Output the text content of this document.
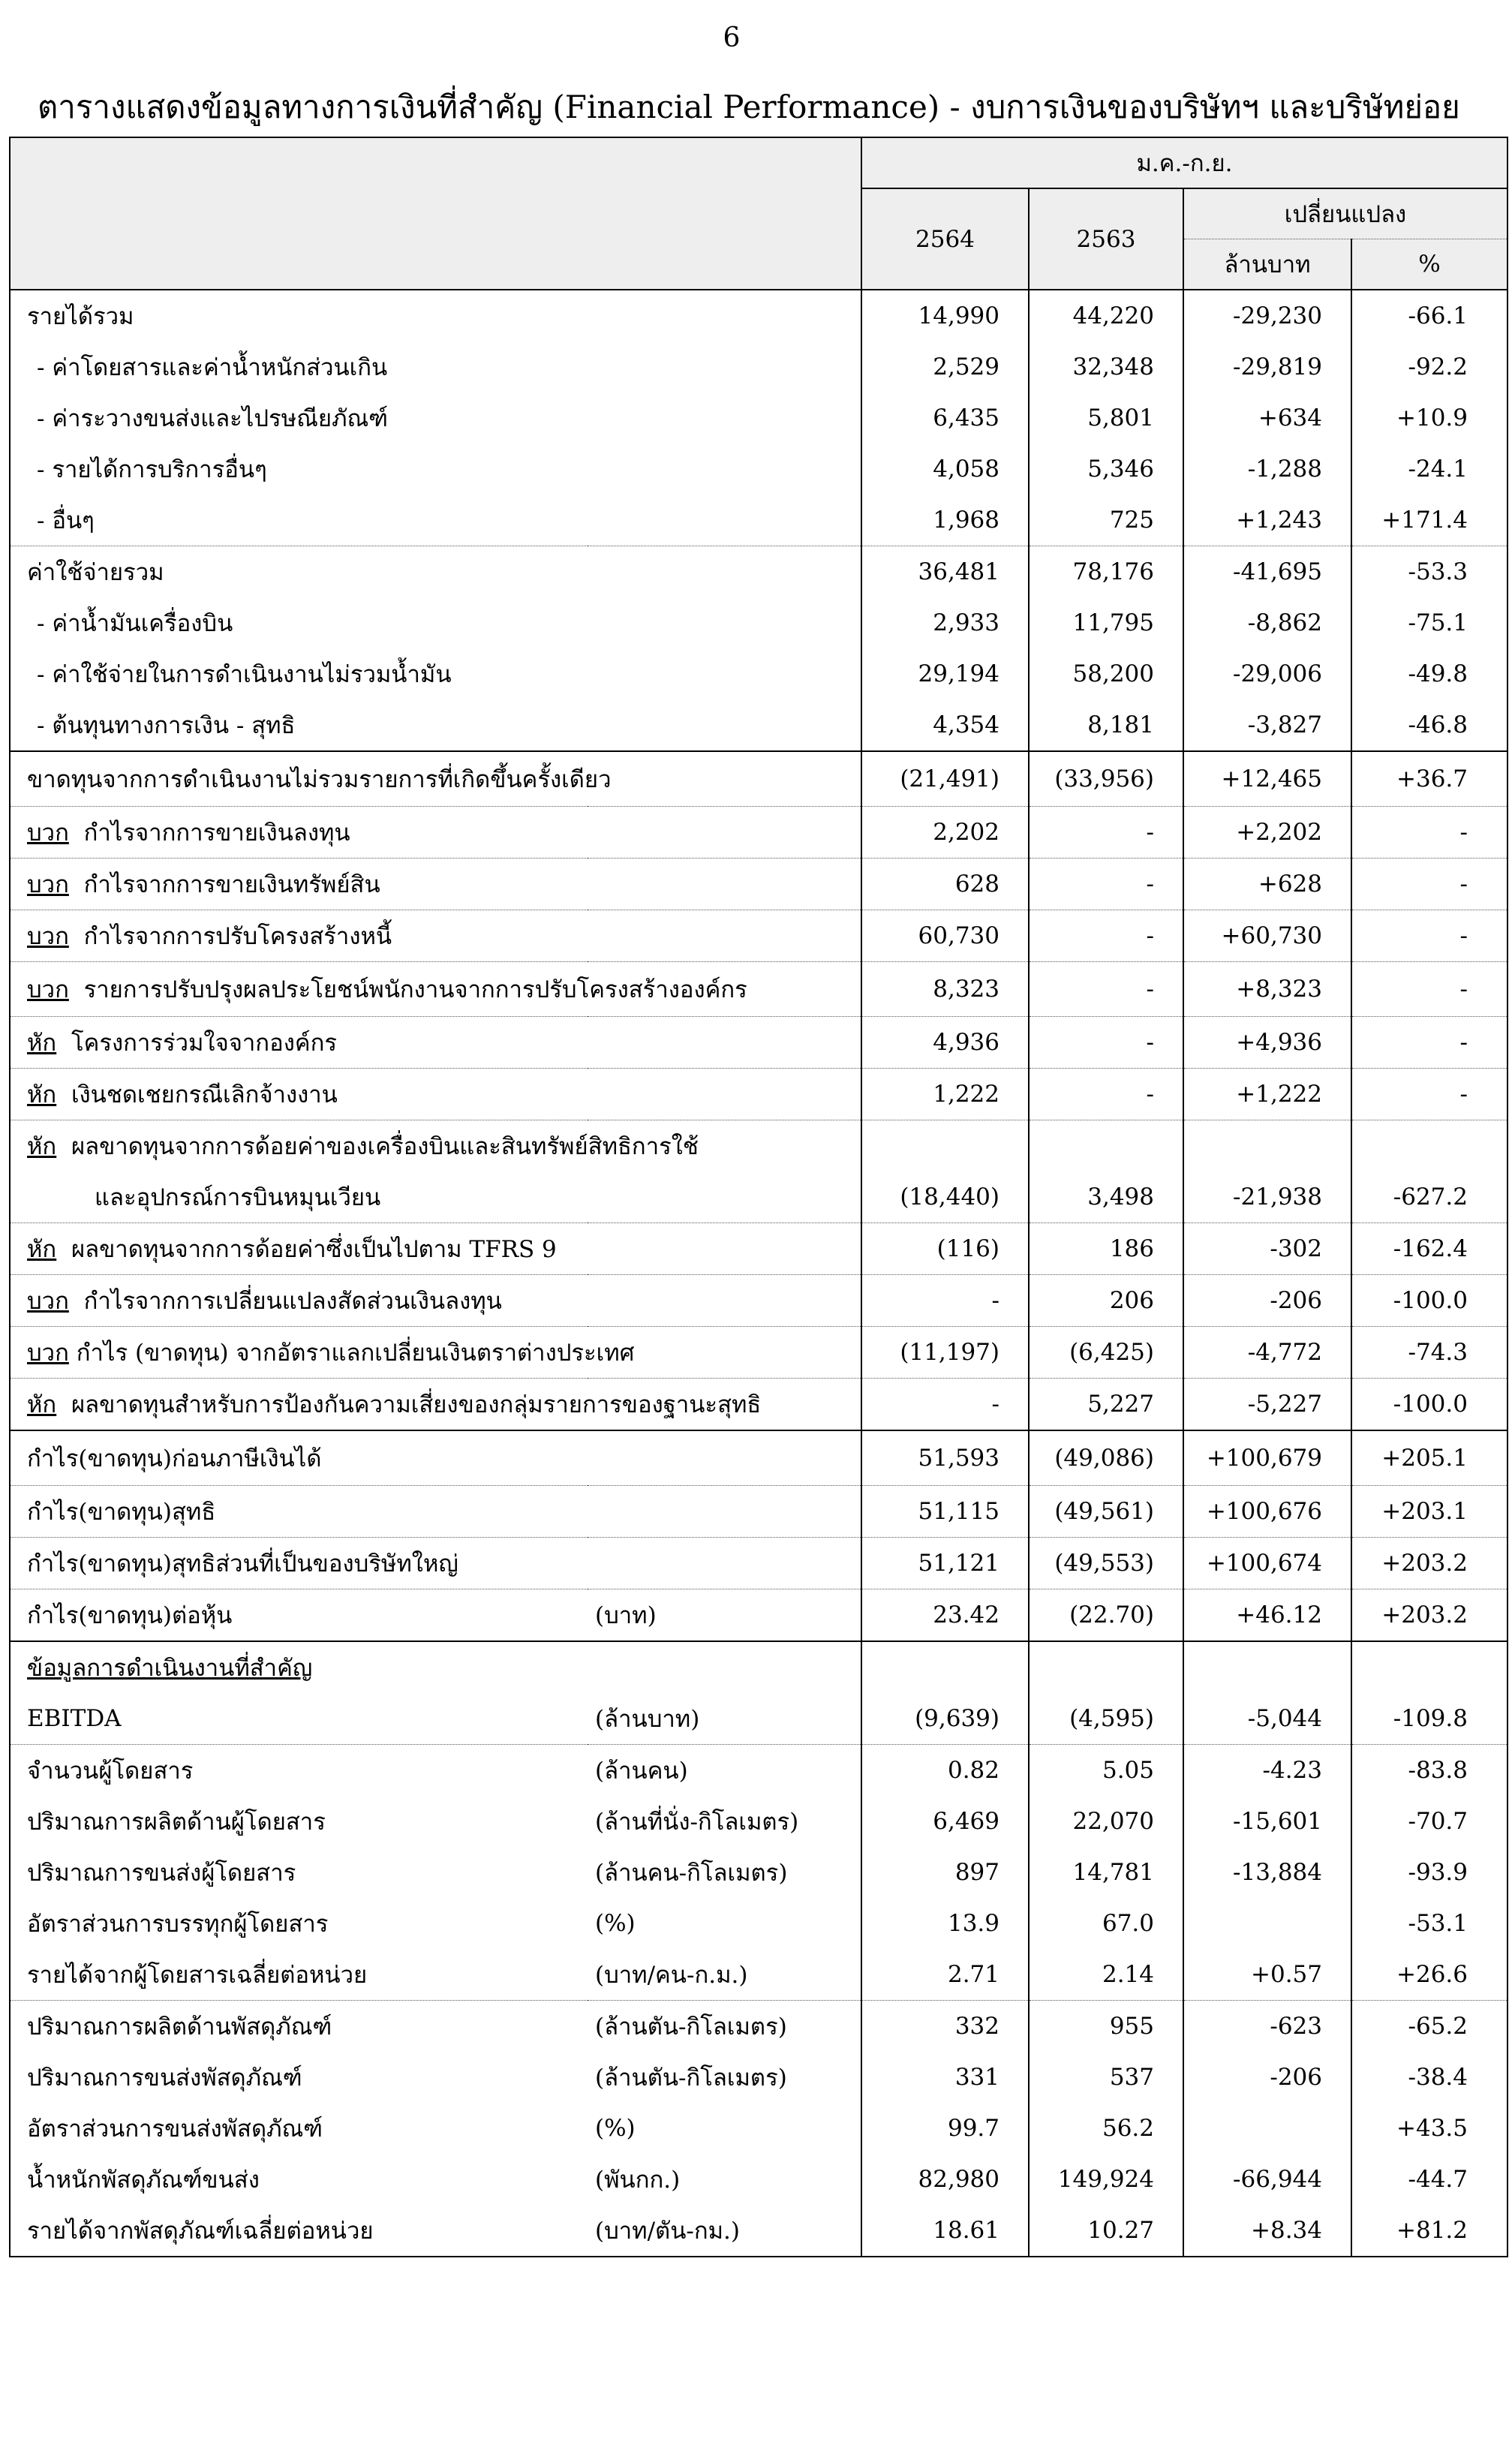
6
ตารางแสดงข้อมูลทางการเงินที่สำคัญ (Financial Performance) - งบการเงินของบริษัทฯ และบริษัทย่อย
		ม.ค.-ก.ย.			
		2564	2563	เปลี่ยนแปลง	
				ล้านบาท	%
รายได้รวม		14,990	44,220	-29,230	-66.1
- ค่าโดยสารและค่าน้ำหนักส่วนเกิน		2,529	32,348	-29,819	-92.2
- ค่าระวางขนส่งและไปรษณียภัณฑ์		6,435	5,801	+634	+10.9
- รายได้การบริการอื่นๆ		4,058	5,346	-1,288	-24.1
- อื่นๆ		1,968	725	+1,243	+171.4
ค่าใช้จ่ายรวม		36,481	78,176	-41,695	-53.3
- ค่าน้ำมันเครื่องบิน		2,933	11,795	-8,862	-75.1
- ค่าใช้จ่ายในการดำเนินงานไม่รวมน้ำมัน		29,194	58,200	-29,006	-49.8
- ต้นทุนทางการเงิน - สุทธิ		4,354	8,181	-3,827	-46.8
ขาดทุนจากการดำเนินงานไม่รวมรายการที่เกิดขึ้นครั้งเดียว		(21,491)	(33,956)	+12,465	+36.7
บวก กำไรจากการขายเงินลงทุน		2,202	-	+2,202	-
บวก กำไรจากการขายเงินทรัพย์สิน		628	-	+628	-
บวก กำไรจากการปรับโครงสร้างหนี้		60,730	-	+60,730	-
บวก รายการปรับปรุงผลประโยชน์พนักงานจากการปรับโครงสร้างองค์กร		8,323	-	+8,323	-
หัก โครงการร่วมใจจากองค์กร		4,936	-	+4,936	-
หัก เงินชดเชยกรณีเลิกจ้างงาน		1,222	-	+1,222	-
หัก ผลขาดทุนจากการด้อยค่าของเครื่องบินและสินทรัพย์สิทธิการใช้					
และอุปกรณ์การบินหมุนเวียน		(18,440)	3,498	-21,938	-627.2
หัก ผลขาดทุนจากการด้อยค่าซึ่งเป็นไปตาม TFRS 9		(116)	186	-302	-162.4
บวก กำไรจากการเปลี่ยนแปลงสัดส่วนเงินลงทุน		-	206	-206	-100.0
บวก กำไร (ขาดทุน) จากอัตราแลกเปลี่ยนเงินตราต่างประเทศ		(11,197)	(6,425)	-4,772	-74.3
หัก ผลขาดทุนสำหรับการป้องกันความเสี่ยงของกลุ่มรายการของฐานะสุทธิ		-	5,227	-5,227	-100.0
กำไร(ขาดทุน)ก่อนภาษีเงินได้		51,593	(49,086)	+100,679	+205.1
กำไร(ขาดทุน)สุทธิ		51,115	(49,561)	+100,676	+203.1
กำไร(ขาดทุน)สุทธิส่วนที่เป็นของบริษัทใหญ่		51,121	(49,553)	+100,674	+203.2
กำไร(ขาดทุน)ต่อหุ้น	(บาท)	23.42	(22.70)	+46.12	+203.2
ข้อมูลการดำเนินงานที่สำคัญ					
EBITDA	(ล้านบาท)	(9,639)	(4,595)	-5,044	-109.8
จำนวนผู้โดยสาร	(ล้านคน)	0.82	5.05	-4.23	-83.8
ปริมาณการผลิตด้านผู้โดยสาร	(ล้านที่นั่ง-กิโลเมตร)	6,469	22,070	-15,601	-70.7
ปริมาณการขนส่งผู้โดยสาร	(ล้านคน-กิโลเมตร)	897	14,781	-13,884	-93.9
อัตราส่วนการบรรทุกผู้โดยสาร	(%)	13.9	67.0		-53.1
รายได้จากผู้โดยสารเฉลี่ยต่อหน่วย	(บาท/คน-ก.ม.)	2.71	2.14	+0.57	+26.6
ปริมาณการผลิตด้านพัสดุภัณฑ์	(ล้านตัน-กิโลเมตร)	332	955	-623	-65.2
ปริมาณการขนส่งพัสดุภัณฑ์	(ล้านตัน-กิโลเมตร)	331	537	-206	-38.4
อัตราส่วนการขนส่งพัสดุภัณฑ์	(%)	99.7	56.2		+43.5
น้ำหนักพัสดุภัณฑ์ขนส่ง	(พันกก.)	82,980	149,924	-66,944	-44.7
รายได้จากพัสดุภัณฑ์เฉลี่ยต่อหน่วย	(บาท/ตัน-กม.)	18.61	10.27	+8.34	+81.2
